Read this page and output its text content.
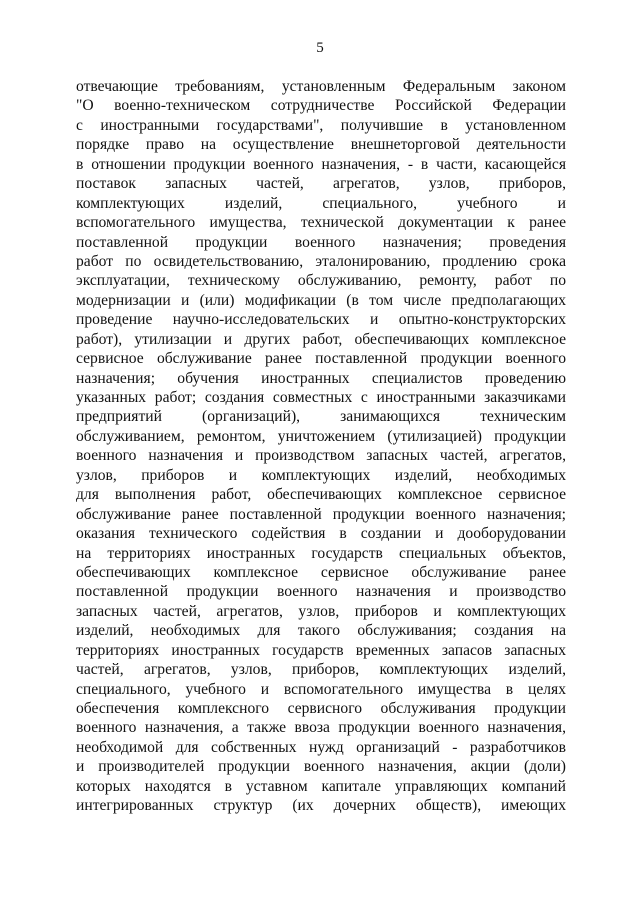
5
отвечающие требованиям, установленным Федеральным законом
"О военно-техническом сотрудничестве Российской Федерации
с иностранными государствами", получившие в установленном
порядке право на осуществление внешнеторговой деятельности
в отношении продукции военного назначения, - в части, касающейся
поставок запасных частей, агрегатов, узлов, приборов,
комплектующих изделий, специального, учебного и
вспомогательного имущества, технической документации к ранее
поставленной продукции военного назначения; проведения
работ по освидетельствованию, эталонированию, продлению срока
эксплуатации, техническому обслуживанию, ремонту, работ по
модернизации и (или) модификации (в том числе предполагающих
проведение научно-исследовательских и опытно-конструкторских
работ), утилизации и других работ, обеспечивающих комплексное
сервисное обслуживание ранее поставленной продукции военного
назначения; обучения иностранных специалистов проведению
указанных работ; создания совместных с иностранными заказчиками
предприятий (организаций), занимающихся техническим
обслуживанием, ремонтом, уничтожением (утилизацией) продукции
военного назначения и производством запасных частей, агрегатов,
узлов, приборов и комплектующих изделий, необходимых
для выполнения работ, обеспечивающих комплексное сервисное
обслуживание ранее поставленной продукции военного назначения;
оказания технического содействия в создании и дооборудовании
на территориях иностранных государств специальных объектов,
обеспечивающих комплексное сервисное обслуживание ранее
поставленной продукции военного назначения и производство
запасных частей, агрегатов, узлов, приборов и комплектующих
изделий, необходимых для такого обслуживания; создания на
территориях иностранных государств временных запасов запасных
частей, агрегатов, узлов, приборов, комплектующих изделий,
специального, учебного и вспомогательного имущества в целях
обеспечения комплексного сервисного обслуживания продукции
военного назначения, а также ввоза продукции военного назначения,
необходимой для собственных нужд организаций - разработчиков
и производителей продукции военного назначения, акции (доли)
которых находятся в уставном капитале управляющих компаний
интегрированных структур (их дочерних обществ), имеющих
